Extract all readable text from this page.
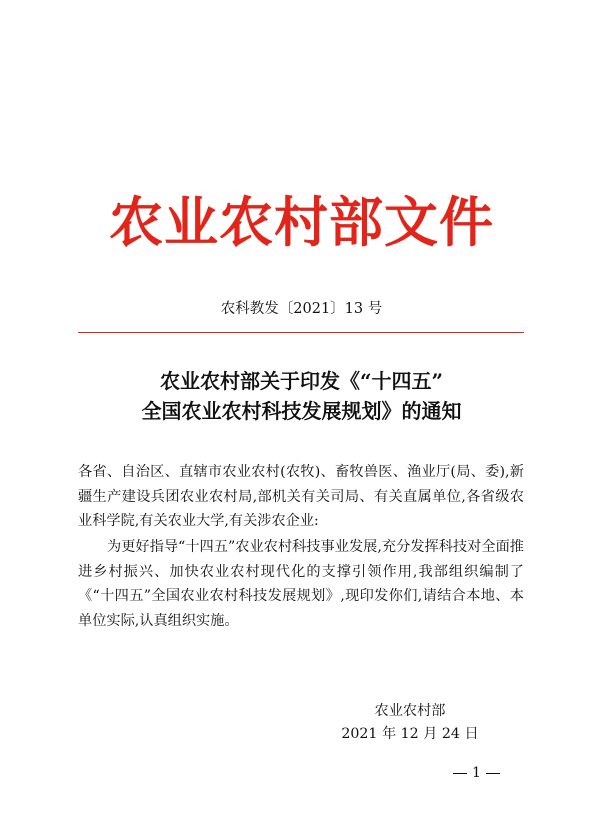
农业农村部文件
农科教发〔2021〕13 号
农业农村部关于印发《“十四五”
全国农业农村科技发展规划》的通知
各省、自治区、直辖市农业农村(农牧)、畜牧兽医、渔业厅(局、委),新疆生产建设兵团农业农村局,部机关有关司局、有关直属单位,各省级农业科学院,有关农业大学,有关涉农企业:
为更好指导“十四五”农业农村科技事业发展,充分发挥科技对全面推进乡村振兴、加快农业农村现代化的支撑引领作用,我部组织编制了《“十四五”全国农业农村科技发展规划》,现印发你们,请结合本地、本单位实际,认真组织实施。
农业农村部
2021 年 12 月 24 日
1
